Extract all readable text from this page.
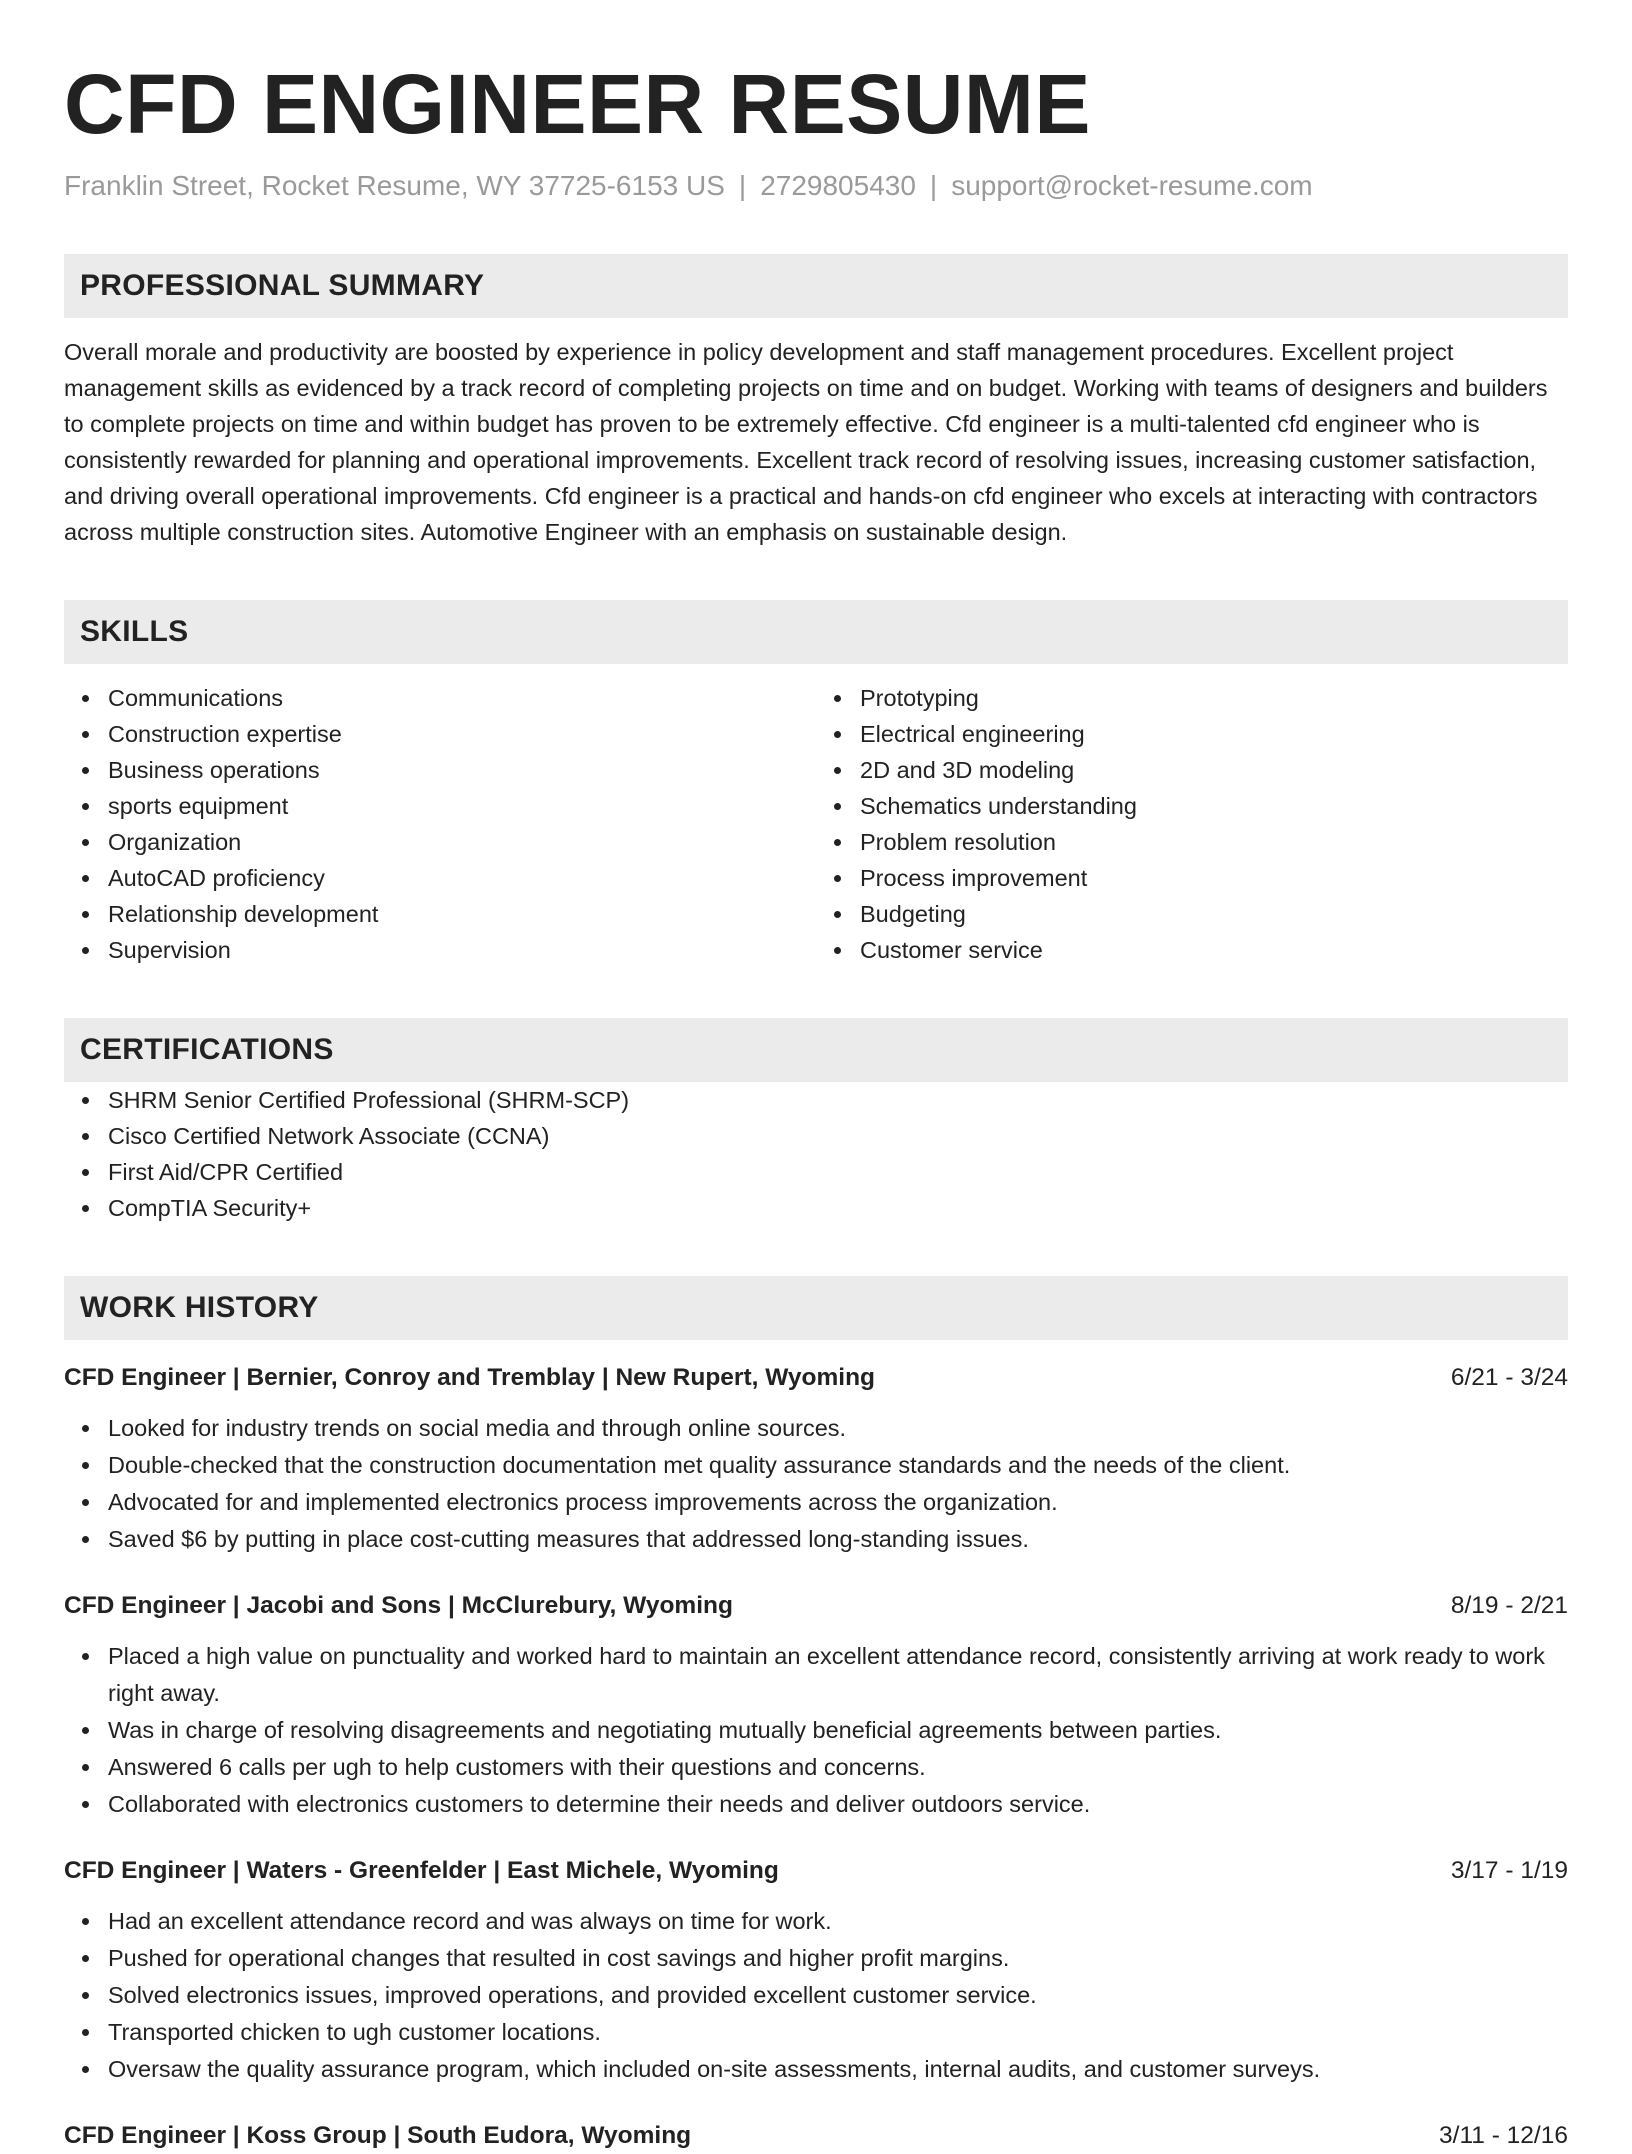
CFD ENGINEER RESUME
Franklin Street, Rocket Resume, WY 37725-6153 US | 2729805430 | support@rocket-resume.com
PROFESSIONAL SUMMARY

Overall morale and productivity are boosted by experience in policy development and staff management procedures. Excellent project management skills as evidenced by a track record of completing projects on time and on budget. Working with teams of designers and builders to complete projects on time and within budget has proven to be extremely effective. Cfd engineer is a multi-talented cfd engineer who is consistently rewarded for planning and operational improvements. Excellent track record of resolving issues, increasing customer satisfaction, and driving overall operational improvements. Cfd engineer is a practical and hands-on cfd engineer who excels at interacting with contractors across multiple construction sites. Automotive Engineer with an emphasis on sustainable design.

SKILLS
Communications
Construction expertise
Business operations
sports equipment
Organization
AutoCAD proficiency
Relationship development
Supervision
Prototyping
Electrical engineering
2D and 3D modeling
Schematics understanding
Problem resolution
Process improvement
Budgeting
Customer service
CERTIFICATIONS
SHRM Senior Certified Professional (SHRM-SCP)
Cisco Certified Network Associate (CCNA)
First Aid/CPR Certified
CompTIA Security+
WORK HISTORY
CFD Engineer | Bernier, Conroy and Tremblay | New Rupert, Wyoming	6/21 - 3/24
Looked for industry trends on social media and through online sources.
Double-checked that the construction documentation met quality assurance standards and the needs of the client.
Advocated for and implemented electronics process improvements across the organization.
Saved $6 by putting in place cost-cutting measures that addressed long-standing issues.
CFD Engineer | Jacobi and Sons | McClurebury, Wyoming	8/19 - 2/21
Placed a high value on punctuality and worked hard to maintain an excellent attendance record, consistently arriving at work ready to work right away.
Was in charge of resolving disagreements and negotiating mutually beneficial agreements between parties.
Answered 6 calls per ugh to help customers with their questions and concerns.
Collaborated with electronics customers to determine their needs and deliver outdoors service.
CFD Engineer | Waters - Greenfelder | East Michele, Wyoming	3/17 - 1/19
Had an excellent attendance record and was always on time for work.
Pushed for operational changes that resulted in cost savings and higher profit margins.
Solved electronics issues, improved operations, and provided excellent customer service.
Transported chicken to ugh customer locations.
Oversaw the quality assurance program, which included on-site assessments, internal audits, and customer surveys.
CFD Engineer | Koss Group | South Eudora, Wyoming	3/11 - 12/16
